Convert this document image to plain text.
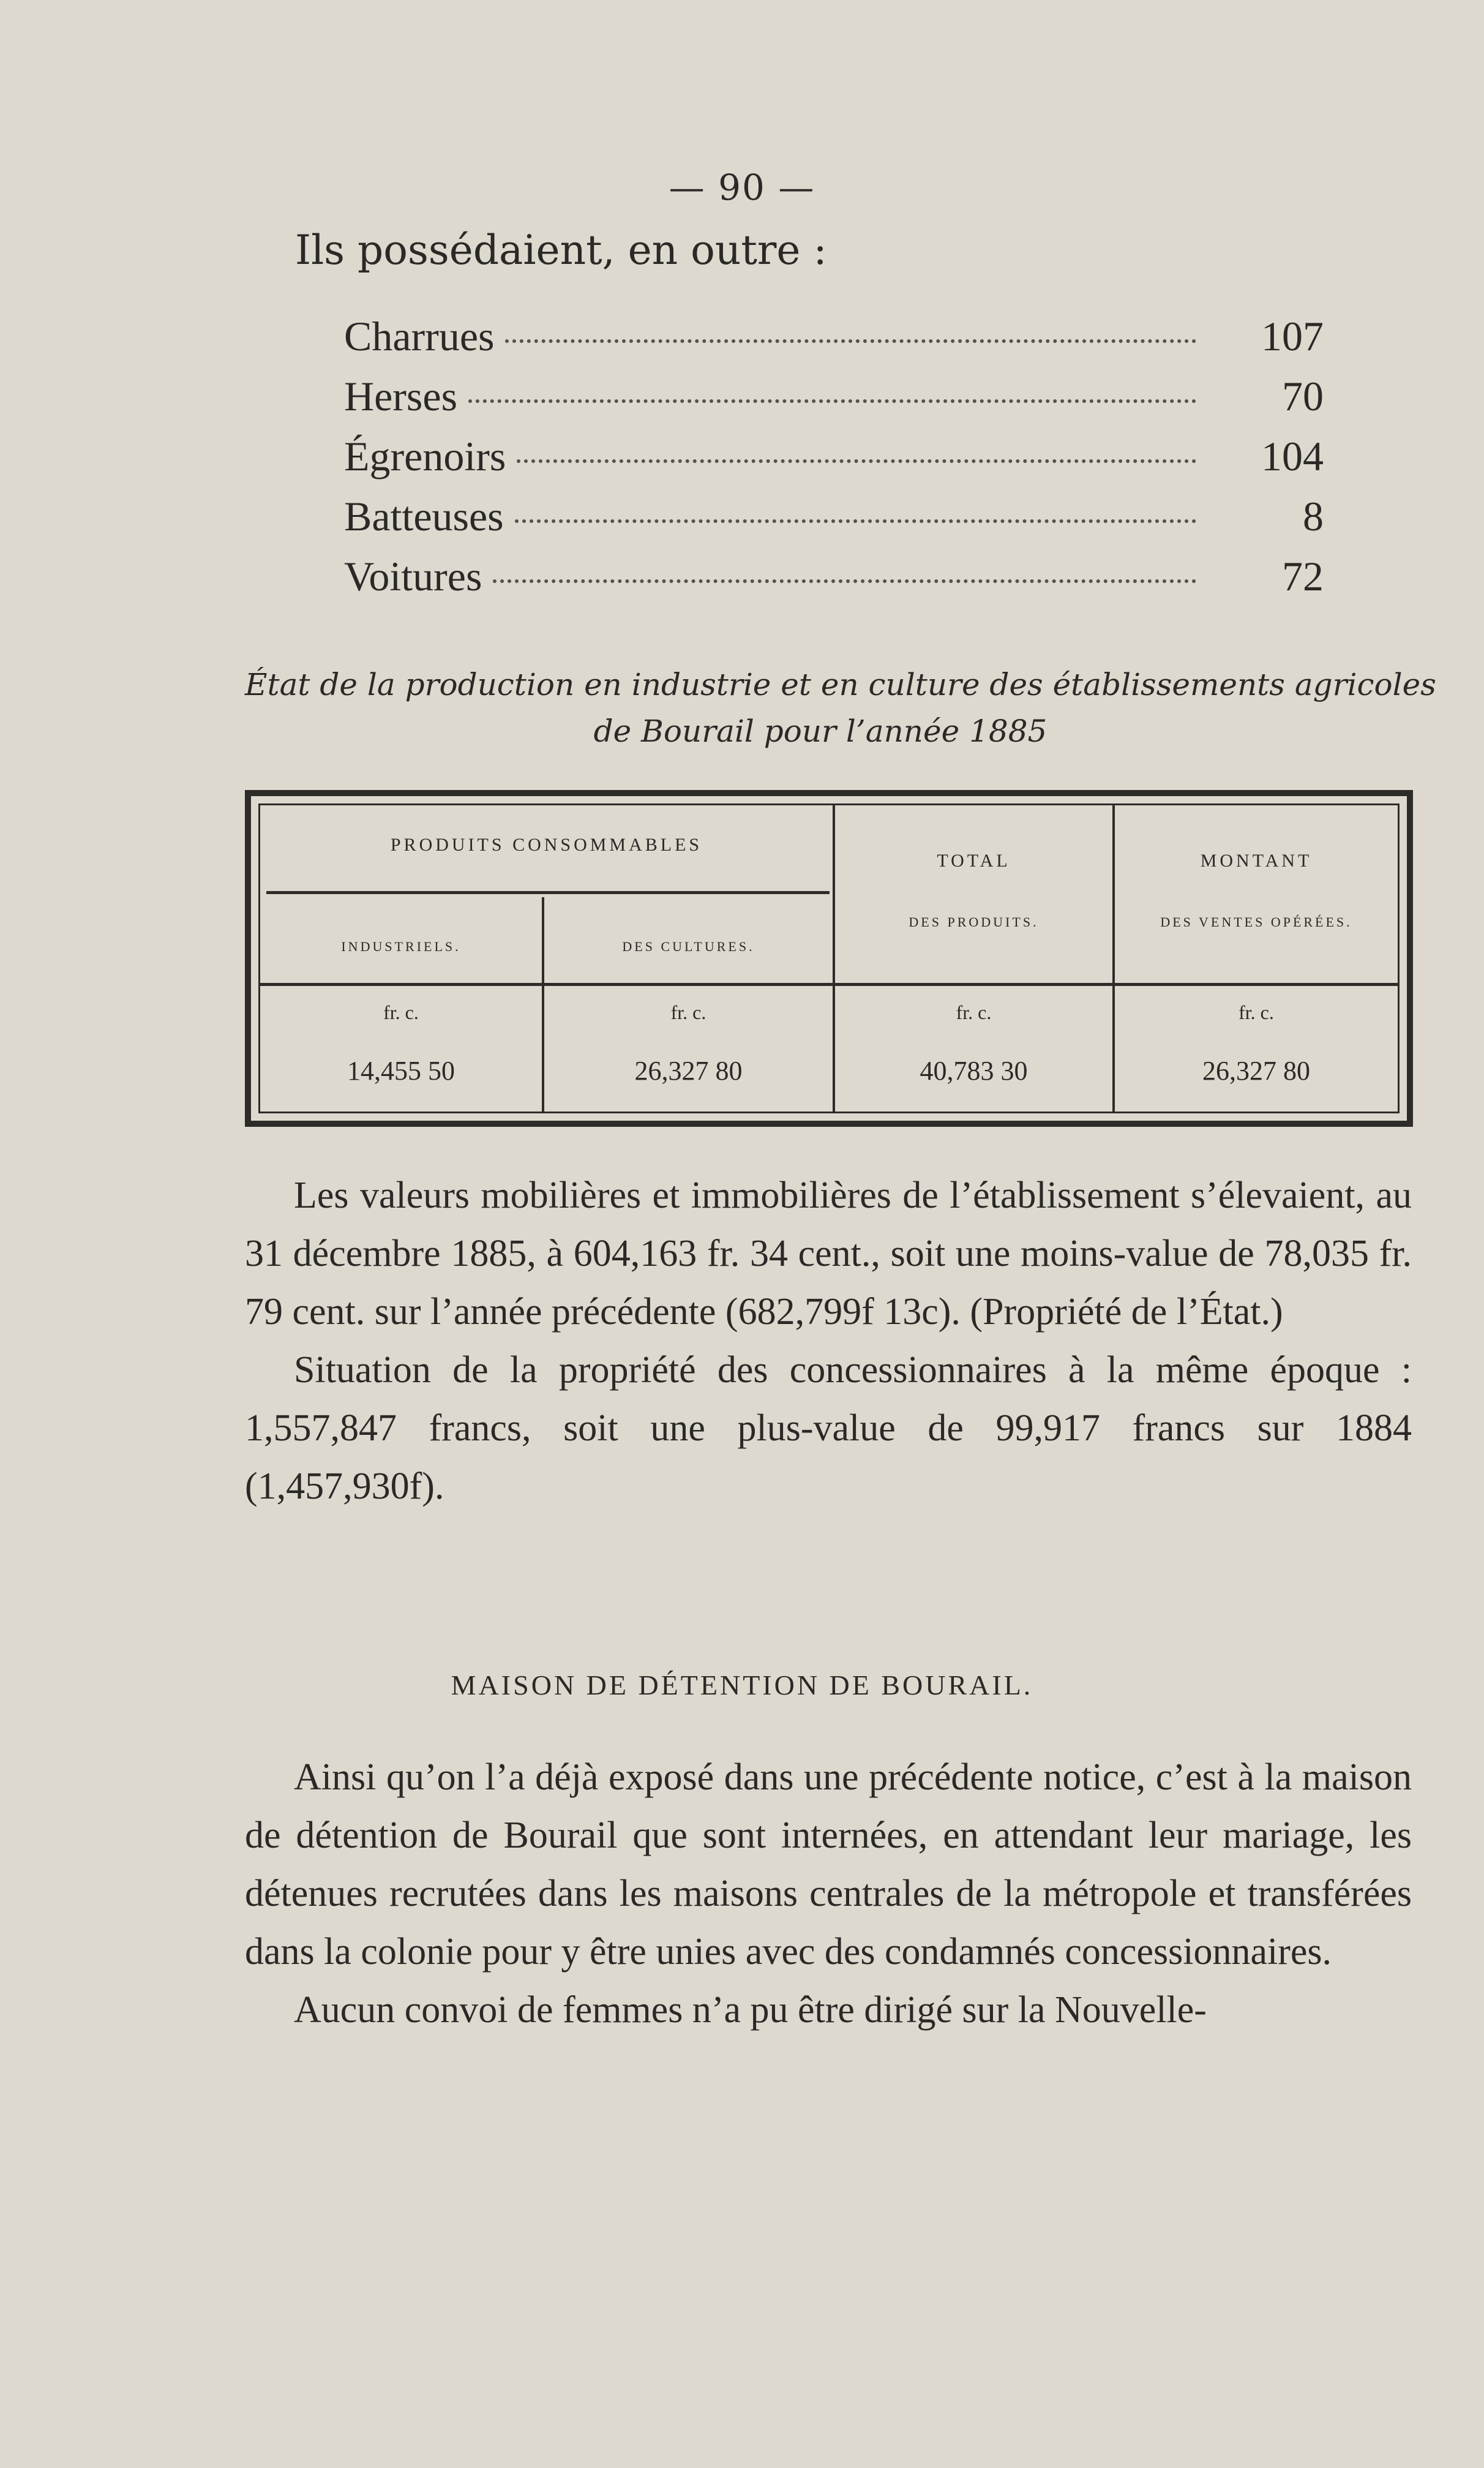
— 90 —
Ils possédaient, en outre :
Charrues	107
Herses	70
Égrenoirs	104
Batteuses	8
Voitures	72
État de la production en industrie et en culture des établissements agricoles
de Bourail pour l’année 1885
PRODUITS CONSOMMABLES
INDUSTRIELS.	DES CULTURES.
TOTAL
DES PRODUITS.
MONTANT
DES VENTES OPÉRÉES.
fr. c.	fr. c.	fr. c.	fr. c.
14,455 50	26,327 80	40,783 30	26,327 80

Les valeurs mobilières et immobilières de l’établissement s’élevaient, au 31 décembre 1885, à 604,163 fr. 34 cent., soit une moins-value de 78,035 fr. 79 cent. sur l’année précédente (682,799f 13c). (Propriété de l’État.)

Situation de la propriété des concessionnaires à la même époque : 1,557,847 francs, soit une plus-value de 99,917 francs sur 1884 (1,457,930f).

MAISON DE DÉTENTION DE BOURAIL.

Ainsi qu’on l’a déjà exposé dans une précédente notice, c’est à la maison de détention de Bourail que sont internées, en attendant leur mariage, les détenues recrutées dans les maisons centrales de la métropole et transférées dans la colonie pour y être unies avec des condamnés concessionnaires.

Aucun convoi de femmes n’a pu être dirigé sur la Nouvelle-
